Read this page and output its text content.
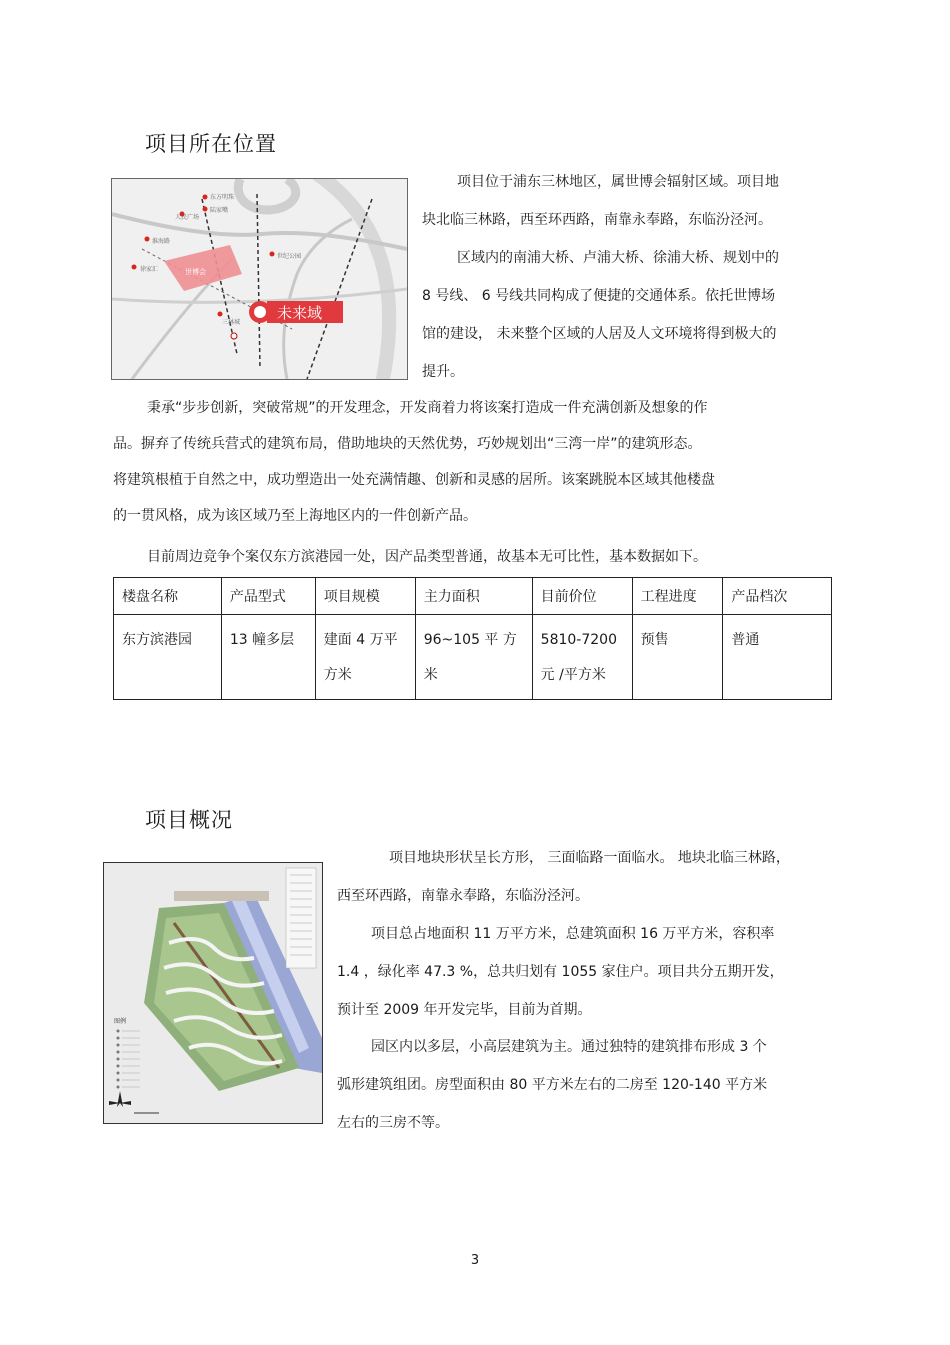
项目所在位置
东方明珠
陆家嘴
人民广场
淮海路
徐家汇
世纪公园
世博会
三林城
未来域
项目位于浦东三林地区，属世博会辐射区域。项目地
块北临三林路，西至环西路，南靠永奉路，东临汾泾河。
区域内的南浦大桥、卢浦大桥、徐浦大桥、规划中的
8 号线、 6 号线共同构成了便捷的交通体系。依托世博场
馆的建设， 未来整个区域的人居及人文环境将得到极大的
提升。
秉承“步步创新，突破常规”的开发理念，开发商着力将该案打造成一件充满创新及想象的作
品。摒弃了传统兵营式的建筑布局，借助地块的天然优势，巧妙规划出“三湾一岸”的建筑形态。
将建筑根植于自然之中，成功塑造出一处充满情趣、创新和灵感的居所。该案跳脱本区域其他楼盘
的一贯风格，成为该区域乃至上海地区内的一件创新产品。
目前周边竞争个案仅东方滨港园一处，因产品类型普通，故基本无可比性，基本数据如下。
楼盘名称	产品型式	项目规模	主力面积	目前价位	工程进度	产品档次

东方滨港园	13 幢多层	建面 4 万平
方米	96~105 平 方
米	5810-7200
元 /平方米	预售	普通
项目概况
图例
项目地块形状呈长方形， 三面临路一面临水。 地块北临三林路，
西至环西路，南靠永奉路，东临汾泾河。
项目总占地面积 11 万平方米，总建筑面积 16 万平方米，容积率
1.4 ，绿化率 47.3 %，总共归划有 1055 家住户。项目共分五期开发，
预计至 2009 年开发完毕，目前为首期。
园区内以多层，小高层建筑为主。通过独特的建筑排布形成 3 个
弧形建筑组团。房型面积由 80 平方米左右的二房至 120-140 平方米
左右的三房不等。
3
